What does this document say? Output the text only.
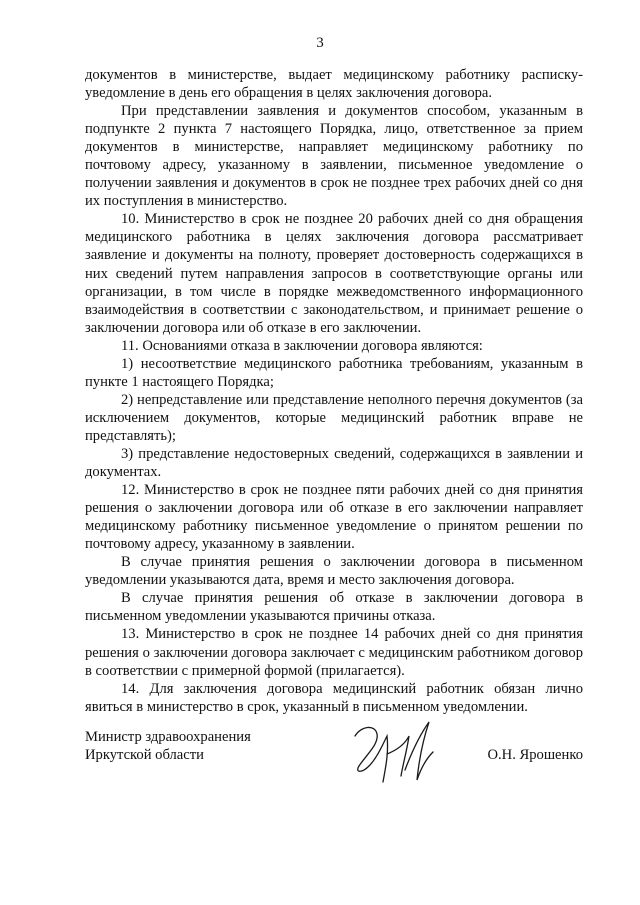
3

документов в министерстве, выдает медицинскому работнику расписку-уведомление в день его обращения в целях заключения договора.

При представлении заявления и документов способом, указанным в подпункте 2 пункта 7 настоящего Порядка, лицо, ответственное за прием документов в министерстве, направляет медицинскому работнику по почтовому адресу, указанному в заявлении, письменное уведомление о получении заявления и документов в срок не позднее трех рабочих дней со дня их поступления в министерство.

10. Министерство в срок не позднее 20 рабочих дней со дня обращения медицинского работника в целях заключения договора рассматривает заявление и документы на полноту, проверяет достоверность содержащихся в них сведений путем направления запросов в соответствующие органы или организации, в том числе в порядке межведомственного информационного взаимодействия в соответствии с законодательством, и принимает решение о заключении договора или об отказе в его заключении.

11. Основаниями отказа в заключении договора являются:

1) несоответствие медицинского работника требованиям, указанным в пункте 1 настоящего Порядка;

2) непредставление или представление неполного перечня документов (за исключением документов, которые медицинский работник вправе не представлять);

3) представление недостоверных сведений, содержащихся в заявлении и документах.

12. Министерство в срок не позднее пяти рабочих дней со дня принятия решения о заключении договора или об отказе в его заключении направляет медицинскому работнику письменное уведомление о принятом решении по почтовому адресу, указанному в заявлении.

В случае принятия решения о заключении договора в письменном уведомлении указываются дата, время и место заключения договора.

В случае принятия решения об отказе в заключении договора в письменном уведомлении указываются причины отказа.

13. Министерство в срок не позднее 14 рабочих дней со дня принятия решения о заключении договора заключает с медицинским работником договор в соответствии с примерной формой (прилагается).

14. Для заключения договора медицинский работник обязан лично явиться в министерство в срок, указанный в письменном уведомлении.

Министр здравоохранения
Иркутской области	О.Н. Ярошенко
